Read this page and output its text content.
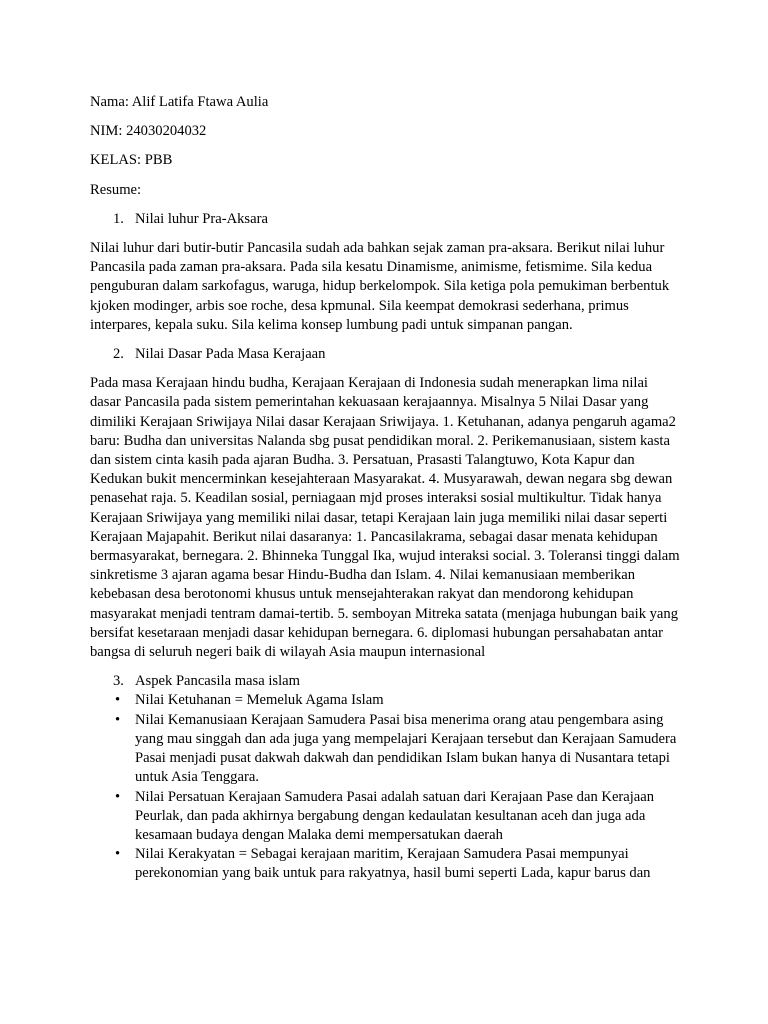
Nama: Alif Latifa Ftawa Aulia

NIM: 24030204032

KELAS: PBB

Resume:

1. Nilai luhur Pra-Aksara

Nilai luhur dari butir-butir Pancasila sudah ada bahkan sejak zaman pra-aksara. Berikut nilai luhur Pancasila pada zaman pra-aksara. Pada sila kesatu Dinamisme, animisme, fetismime. Sila kedua penguburan dalam sarkofagus, waruga, hidup berkelompok. Sila ketiga pola pemukiman berbentuk kjoken modinger, arbis soe roche, desa kpmunal. Sila keempat demokrasi sederhana, primus interpares, kepala suku. Sila kelima konsep lumbung padi untuk simpanan pangan.

2. Nilai Dasar Pada Masa Kerajaan

Pada masa Kerajaan hindu budha, Kerajaan Kerajaan di Indonesia sudah menerapkan lima nilai dasar Pancasila pada sistem pemerintahan kekuasaan kerajaannya. Misalnya 5 Nilai Dasar yang dimiliki Kerajaan Sriwijaya Nilai dasar Kerajaan Sriwijaya. 1. Ketuhanan, adanya pengaruh agama2 baru: Budha dan universitas Nalanda sbg pusat pendidikan moral. 2. Perikemanusiaan, sistem kasta dan sistem cinta kasih pada ajaran Budha. 3. Persatuan, Prasasti Talangtuwo, Kota Kapur dan Kedukan bukit mencerminkan kesejahteraan Masyarakat. 4. Musyarawah, dewan negara sbg dewan penasehat raja. 5. Keadilan sosial, perniagaan mjd proses interaksi sosial multikultur. Tidak hanya Kerajaan Sriwijaya yang memiliki nilai dasar, tetapi Kerajaan lain juga memiliki nilai dasar seperti Kerajaan Majapahit. Berikut nilai dasaranya: 1. Pancasilakrama, sebagai dasar menata kehidupan bermasyarakat, bernegara. 2. Bhinneka Tunggal Ika, wujud interaksi social. 3. Toleransi tinggi dalam sinkretisme 3 ajaran agama besar Hindu-Budha dan Islam. 4. Nilai kemanusiaan memberikan kebebasan desa berotonomi khusus untuk mensejahterakan rakyat dan mendorong kehidupan masyarakat menjadi tentram damai-tertib. 5. semboyan Mitreka satata (menjaga hubungan baik yang bersifat kesetaraan menjadi dasar kehidupan bernegara. 6. diplomasi hubungan persahabatan antar bangsa di seluruh negeri baik di wilayah Asia maupun internasional

3. Aspek Pancasila masa islam
• Nilai Ketuhanan = Memeluk Agama Islam
• Nilai Kemanusiaan Kerajaan Samudera Pasai bisa menerima orang atau pengembara asing yang mau singgah dan ada juga yang mempelajari Kerajaan tersebut dan Kerajaan Samudera Pasai menjadi pusat dakwah dakwah dan pendidikan Islam bukan hanya di Nusantara tetapi untuk Asia Tenggara.
• Nilai Persatuan Kerajaan Samudera Pasai adalah satuan dari Kerajaan Pase dan Kerajaan Peurlak, dan pada akhirnya bergabung dengan kedaulatan kesultanan aceh dan juga ada kesamaan budaya dengan Malaka demi mempersatukan daerah
• Nilai Kerakyatan = Sebagai kerajaan maritim, Kerajaan Samudera Pasai mempunyai perekonomian yang baik untuk para rakyatnya, hasil bumi seperti Lada, kapur barus dan
